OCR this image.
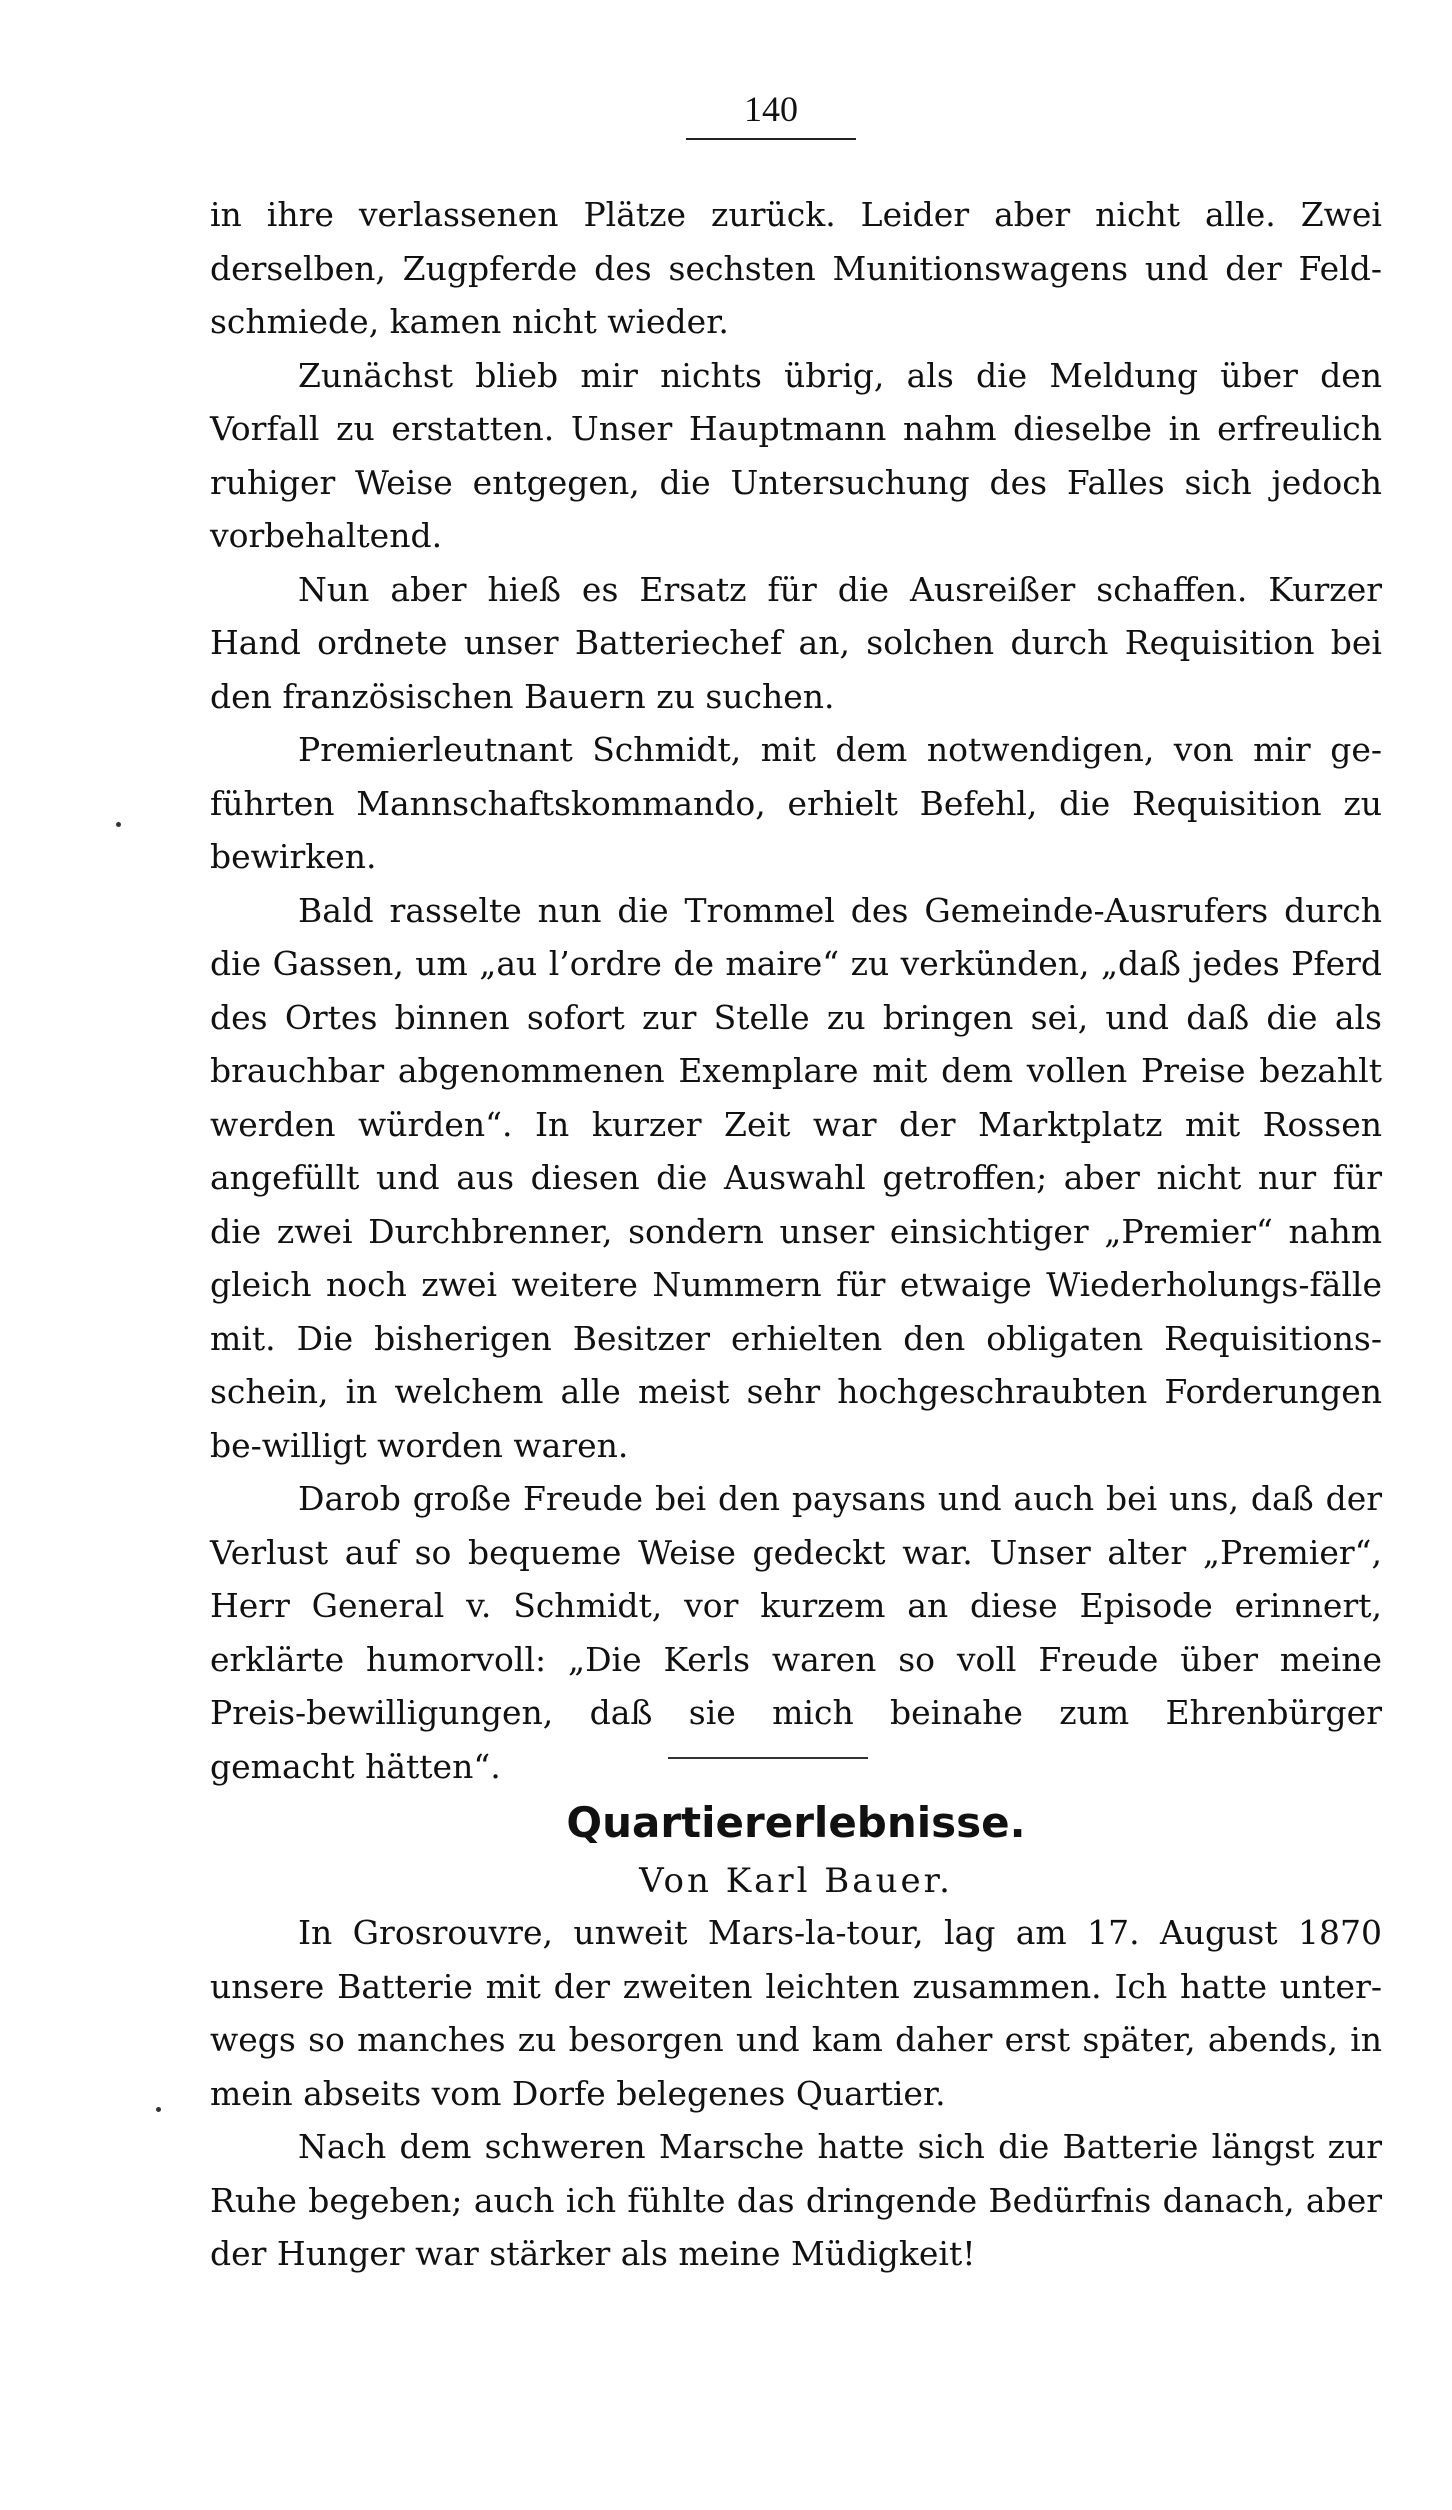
140

in ihre verlassenen Plätze zurück. Leider aber nicht alle. Zwei derselben, Zugpferde des sechsten Munitionswagens und der Feld-schmiede, kamen nicht wieder.

Zunächst blieb mir nichts übrig, als die Meldung über den Vorfall zu erstatten. Unser Hauptmann nahm dieselbe in erfreulich ruhiger Weise entgegen, die Untersuchung des Falles sich jedoch vorbehaltend.

Nun aber hieß es Ersatz für die Ausreißer schaffen. Kurzer Hand ordnete unser Batteriechef an, solchen durch Requisition bei den französischen Bauern zu suchen.

Premierleutnant Schmidt, mit dem notwendigen, von mir ge-führten Mannschaftskommando, erhielt Befehl, die Requisition zu bewirken.

Bald rasselte nun die Trommel des Gemeinde-Ausrufers durch die Gassen, um „au l’ordre de maire“ zu verkünden, „daß jedes Pferd des Ortes binnen sofort zur Stelle zu bringen sei, und daß die als brauchbar abgenommenen Exemplare mit dem vollen Preise bezahlt werden würden“. In kurzer Zeit war der Marktplatz mit Rossen angefüllt und aus diesen die Auswahl getroffen; aber nicht nur für die zwei Durchbrenner, sondern unser einsichtiger „Premier“ nahm gleich noch zwei weitere Nummern für etwaige Wiederholungs-fälle mit. Die bisherigen Besitzer erhielten den obligaten Requisitions-schein, in welchem alle meist sehr hochgeschraubten Forderungen be-willigt worden waren.

Darob große Freude bei den paysans und auch bei uns, daß der Verlust auf so bequeme Weise gedeckt war. Unser alter „Premier“, Herr General v. Schmidt, vor kurzem an diese Episode erinnert, erklärte humorvoll: „Die Kerls waren so voll Freude über meine Preis-bewilligungen, daß sie mich beinahe zum Ehrenbürger gemacht hätten“.

Quartiererlebnisse.
Von Karl Bauer.

In Grosrouvre, unweit Mars-la-tour, lag am 17. August 1870 unsere Batterie mit der zweiten leichten zusammen. Ich hatte unter-wegs so manches zu besorgen und kam daher erst später, abends, in mein abseits vom Dorfe belegenes Quartier.

Nach dem schweren Marsche hatte sich die Batterie längst zur Ruhe begeben; auch ich fühlte das dringende Bedürfnis danach, aber der Hunger war stärker als meine Müdigkeit!
